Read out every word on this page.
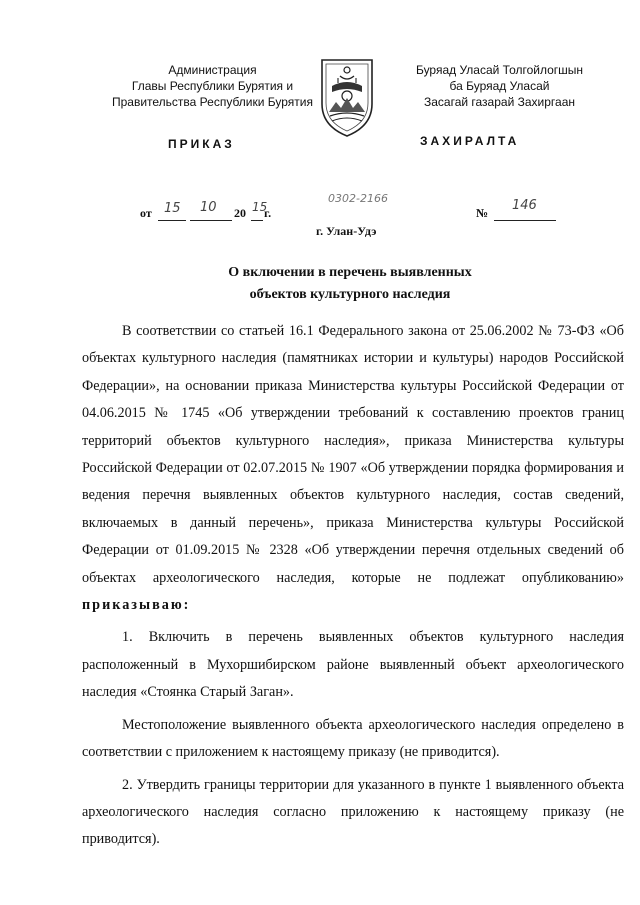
Администрация
Главы Республики Бурятия и
Правительства Республики Бурятия
Буряад Уласай Толгойлогшын
ба Буряад Уласай
Засагай газарай Захиргаан
ПРИКАЗ	ЗАХИРАЛТА
от 15 10 20 15
г.
0302-2166
№ 146
г. Улан-Удэ
О включении в перечень выявленных
объектов культурного наследия

В соответствии со статьей 16.1 Федерального закона от 25.06.2002 № 73-ФЗ «Об объектах культурного наследия (памятниках истории и культуры) народов Российской Федерации», на основании приказа Министерства культуры Российской Федерации от 04.06.2015 № 1745 «Об утверждении требований к составлению проектов границ территорий объектов культурного наследия», приказа Министерства культуры Российской Федерации от 02.07.2015 № 1907 «Об утверждении порядка формирования и ведения перечня выявленных объектов культурного наследия, состав сведений, включаемых в данный перечень», приказа Министерства культуры Российской Федерации от 01.09.2015 № 2328 «Об утверждении перечня отдельных сведений об объектах археологического наследия, которые не подлежат опубликованию» приказываю:

1. Включить в перечень выявленных объектов культурного наследия расположенный в Мухоршибирском районе выявленный объект археологического наследия «Стоянка Старый Заган».

Местоположение выявленного объекта археологического наследия определено в соответствии с приложением к настоящему приказу (не приводится).

2. Утвердить границы территории для указанного в пункте 1 выявленного объекта археологического наследия согласно приложению к настоящему приказу (не приводится).
